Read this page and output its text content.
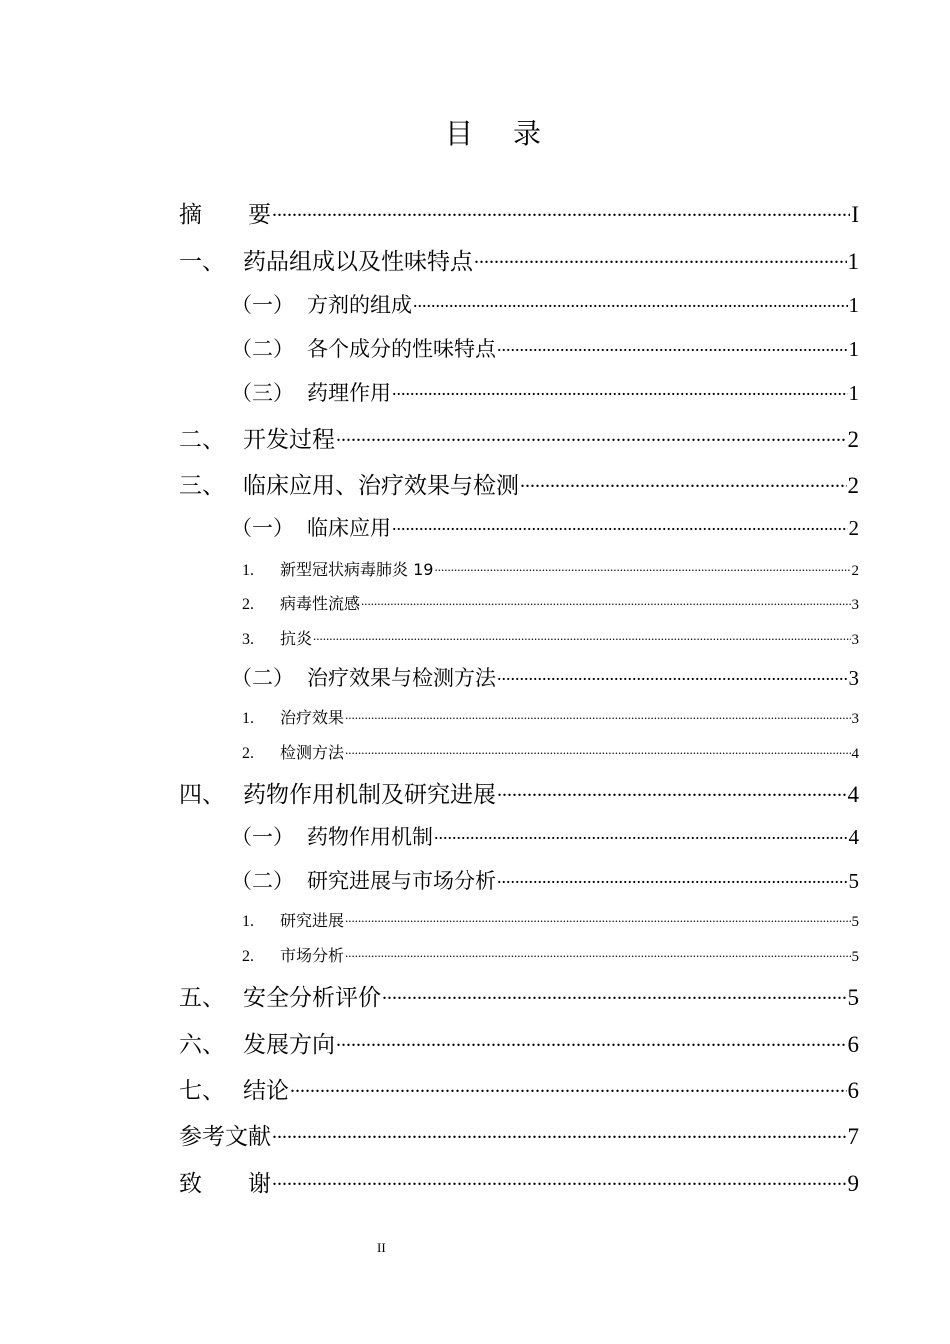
目 录
摘　　要 .....	I
一、 药品组成以及性味特点 .....	1
（一） 方剂的组成 .....	1
（二） 各个成分的性味特点 .....	1
（三） 药理作用 .....	1
二、 开发过程 .....	2
三、 临床应用、治疗效果与检测 .....	2
（一） 临床应用 .....	2
1.	新型冠状病毒肺炎 19 .....	2
2.	病毒性流感 .....	3
3.	抗炎 .....	3
（二） 治疗效果与检测方法 .....	3
1.	治疗效果 .....	3
2.	检测方法 .....	4
四、 药物作用机制及研究进展 .....	4
（一） 药物作用机制 .....	4
（二） 研究进展与市场分析 .....	5
1.	研究进展 .....	5
2.	市场分析 .....	5
五、 安全分析评价 .....	5
六、 发展方向 .....	6
七、 结论 .....	6
参考文献 .....	7
致　　谢 .....	9
II
